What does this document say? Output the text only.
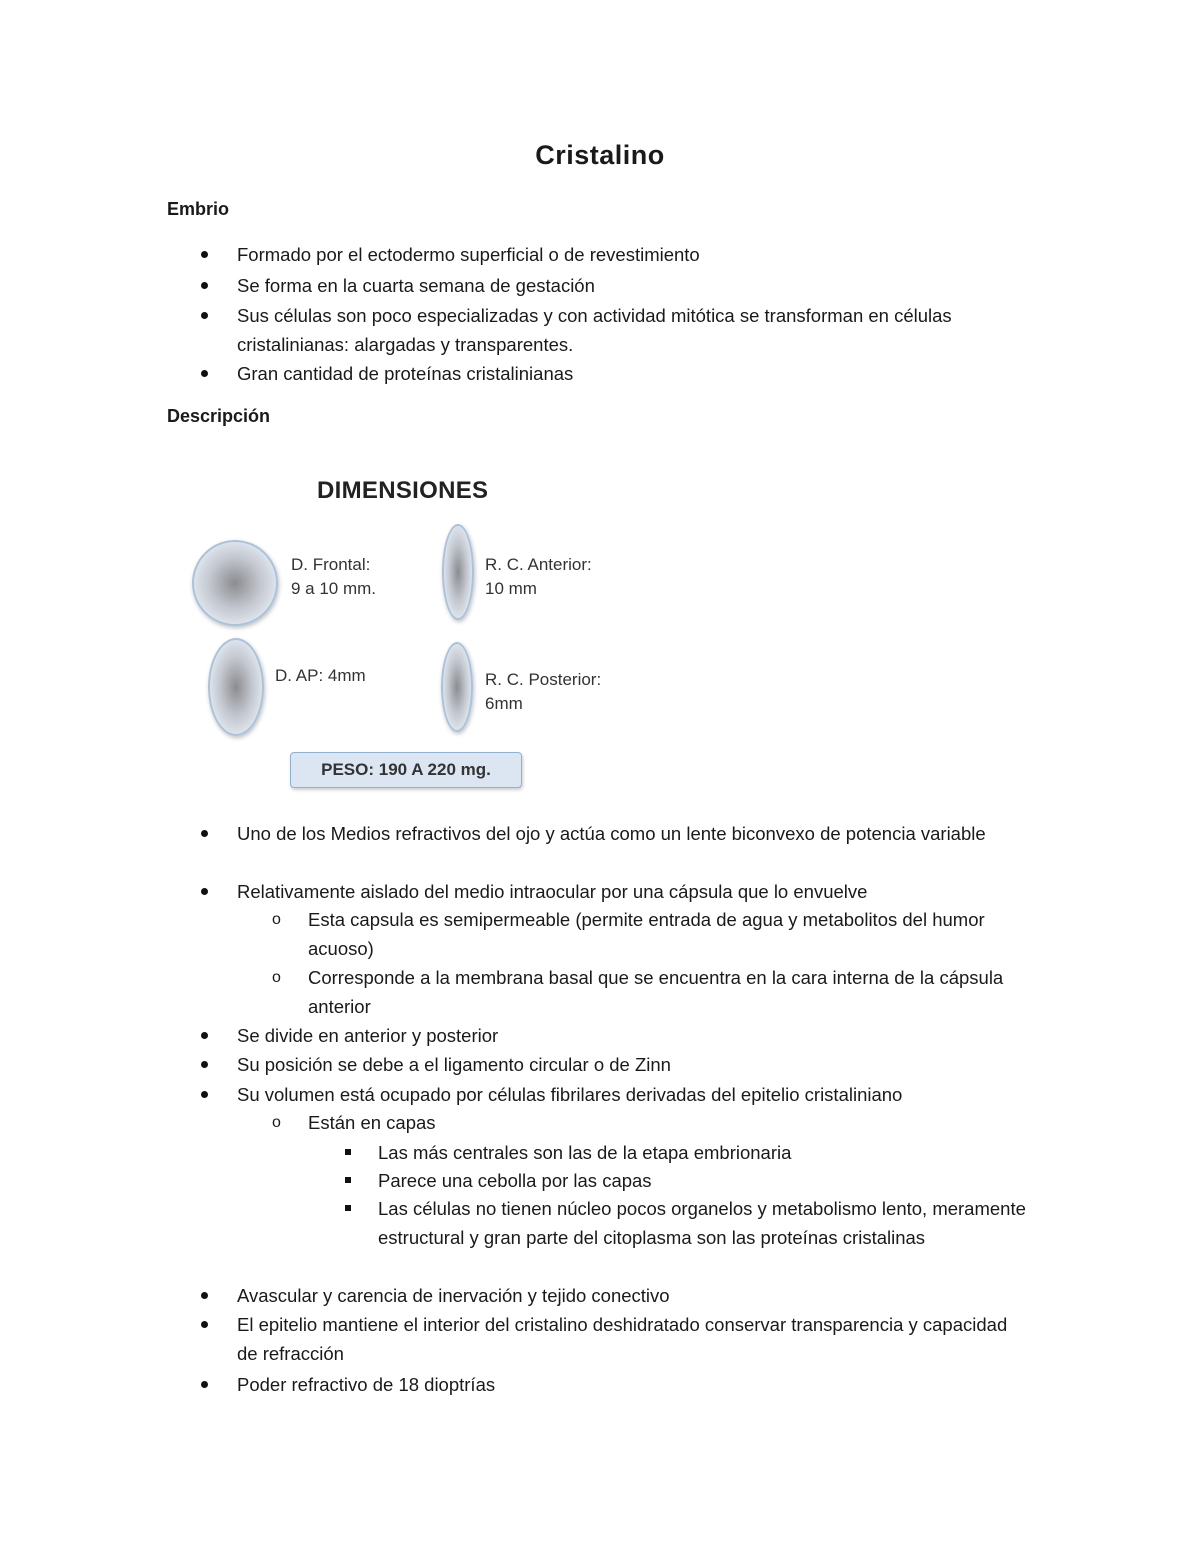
Cristalino
Embrio
Formado por el ectodermo superficial o de revestimiento
Se forma en la cuarta semana de gestación
Sus células son poco especializadas y con actividad mitótica se transforman en células cristalinianas: alargadas y transparentes.
Gran cantidad de proteínas cristalinianas
Descripción
DIMENSIONES
D. Frontal:
9 a 10 mm.
R. C. Anterior:
10 mm
D. AP: 4mm	R. C. Posterior:
6mm
PESO: 190 A 220 mg.
Uno de los Medios refractivos del ojo y actúa como un lente biconvexo de potencia variable
Relativamente aislado del medio intraocular por una cápsula que lo envuelve
o Esta capsula es semipermeable (permite entrada de agua y metabolitos del humor acuoso)
o Corresponde a la membrana basal que se encuentra en la cara interna de la cápsula anterior
Se divide en anterior y posterior
Su posición se debe a el ligamento circular o de Zinn
Su volumen está ocupado por células fibrilares derivadas del epitelio cristaliniano
o Están en capas
Las más centrales son las de la etapa embrionaria
Parece una cebolla por las capas
Las células no tienen núcleo pocos organelos y metabolismo lento, meramente estructural y gran parte del citoplasma son las proteínas cristalinas
Avascular y carencia de inervación y tejido conectivo
El epitelio mantiene el interior del cristalino deshidratado conservar transparencia y capacidad de refracción
Poder refractivo de 18 dioptrías
